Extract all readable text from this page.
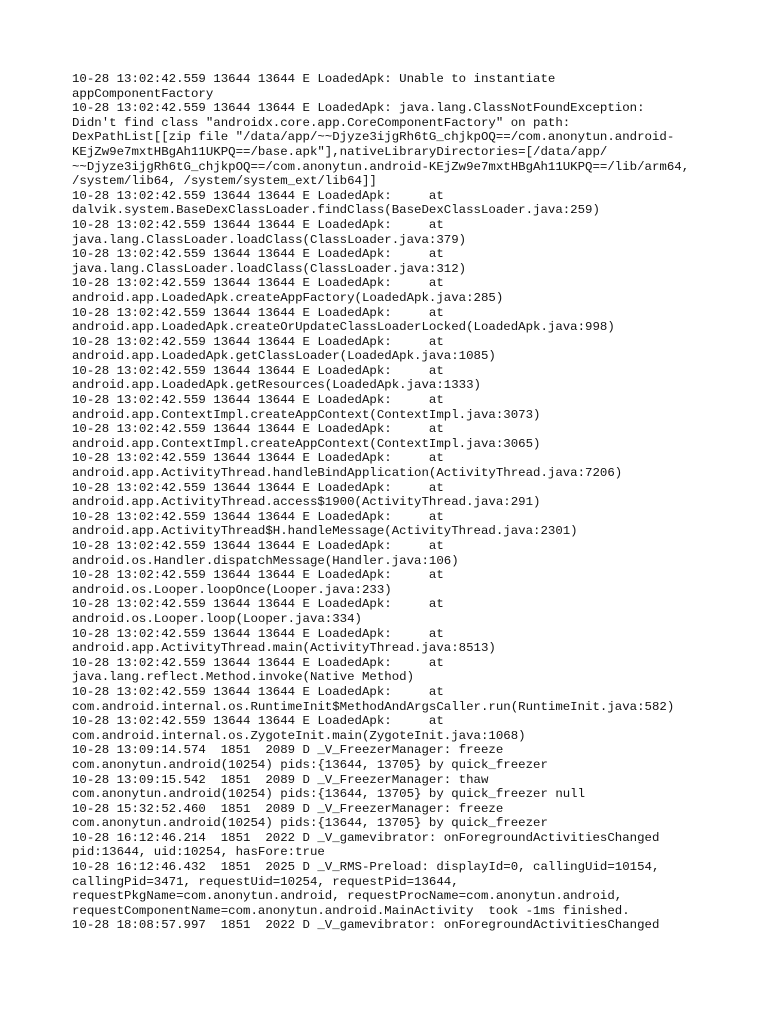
10-28 13:02:42.559 13644 13644 E LoadedApk: Unable to instantiate
appComponentFactory
10-28 13:02:42.559 13644 13644 E LoadedApk: java.lang.ClassNotFoundException:
Didn't find class "androidx.core.app.CoreComponentFactory" on path:
DexPathList[[zip file "/data/app/~~Djyze3ijgRh6tG_chjkpOQ==/com.anonytun.android-
KEjZw9e7mxtHBgAh11UKPQ==/base.apk"],nativeLibraryDirectories=[/data/app/
~~Djyze3ijgRh6tG_chjkpOQ==/com.anonytun.android-KEjZw9e7mxtHBgAh11UKPQ==/lib/arm64,
/system/lib64, /system/system_ext/lib64]]
10-28 13:02:42.559 13644 13644 E LoadedApk:     at
dalvik.system.BaseDexClassLoader.findClass(BaseDexClassLoader.java:259)
10-28 13:02:42.559 13644 13644 E LoadedApk:     at
java.lang.ClassLoader.loadClass(ClassLoader.java:379)
10-28 13:02:42.559 13644 13644 E LoadedApk:     at
java.lang.ClassLoader.loadClass(ClassLoader.java:312)
10-28 13:02:42.559 13644 13644 E LoadedApk:     at
android.app.LoadedApk.createAppFactory(LoadedApk.java:285)
10-28 13:02:42.559 13644 13644 E LoadedApk:     at
android.app.LoadedApk.createOrUpdateClassLoaderLocked(LoadedApk.java:998)
10-28 13:02:42.559 13644 13644 E LoadedApk:     at
android.app.LoadedApk.getClassLoader(LoadedApk.java:1085)
10-28 13:02:42.559 13644 13644 E LoadedApk:     at
android.app.LoadedApk.getResources(LoadedApk.java:1333)
10-28 13:02:42.559 13644 13644 E LoadedApk:     at
android.app.ContextImpl.createAppContext(ContextImpl.java:3073)
10-28 13:02:42.559 13644 13644 E LoadedApk:     at
android.app.ContextImpl.createAppContext(ContextImpl.java:3065)
10-28 13:02:42.559 13644 13644 E LoadedApk:     at
android.app.ActivityThread.handleBindApplication(ActivityThread.java:7206)
10-28 13:02:42.559 13644 13644 E LoadedApk:     at
android.app.ActivityThread.access$1900(ActivityThread.java:291)
10-28 13:02:42.559 13644 13644 E LoadedApk:     at
android.app.ActivityThread$H.handleMessage(ActivityThread.java:2301)
10-28 13:02:42.559 13644 13644 E LoadedApk:     at
android.os.Handler.dispatchMessage(Handler.java:106)
10-28 13:02:42.559 13644 13644 E LoadedApk:     at
android.os.Looper.loopOnce(Looper.java:233)
10-28 13:02:42.559 13644 13644 E LoadedApk:     at
android.os.Looper.loop(Looper.java:334)
10-28 13:02:42.559 13644 13644 E LoadedApk:     at
android.app.ActivityThread.main(ActivityThread.java:8513)
10-28 13:02:42.559 13644 13644 E LoadedApk:     at
java.lang.reflect.Method.invoke(Native Method)
10-28 13:02:42.559 13644 13644 E LoadedApk:     at
com.android.internal.os.RuntimeInit$MethodAndArgsCaller.run(RuntimeInit.java:582)
10-28 13:02:42.559 13644 13644 E LoadedApk:     at
com.android.internal.os.ZygoteInit.main(ZygoteInit.java:1068)
10-28 13:09:14.574  1851  2089 D _V_FreezerManager: freeze
com.anonytun.android(10254) pids:{13644, 13705} by quick_freezer
10-28 13:09:15.542  1851  2089 D _V_FreezerManager: thaw
com.anonytun.android(10254) pids:{13644, 13705} by quick_freezer null
10-28 15:32:52.460  1851  2089 D _V_FreezerManager: freeze
com.anonytun.android(10254) pids:{13644, 13705} by quick_freezer
10-28 16:12:46.214  1851  2022 D _V_gamevibrator: onForegroundActivitiesChanged
pid:13644, uid:10254, hasFore:true
10-28 16:12:46.432  1851  2025 D _V_RMS-Preload: displayId=0, callingUid=10154,
callingPid=3471, requestUid=10254, requestPid=13644,
requestPkgName=com.anonytun.android, requestProcName=com.anonytun.android,
requestComponentName=com.anonytun.android.MainActivity  took -1ms finished.
10-28 18:08:57.997  1851  2022 D _V_gamevibrator: onForegroundActivitiesChanged
